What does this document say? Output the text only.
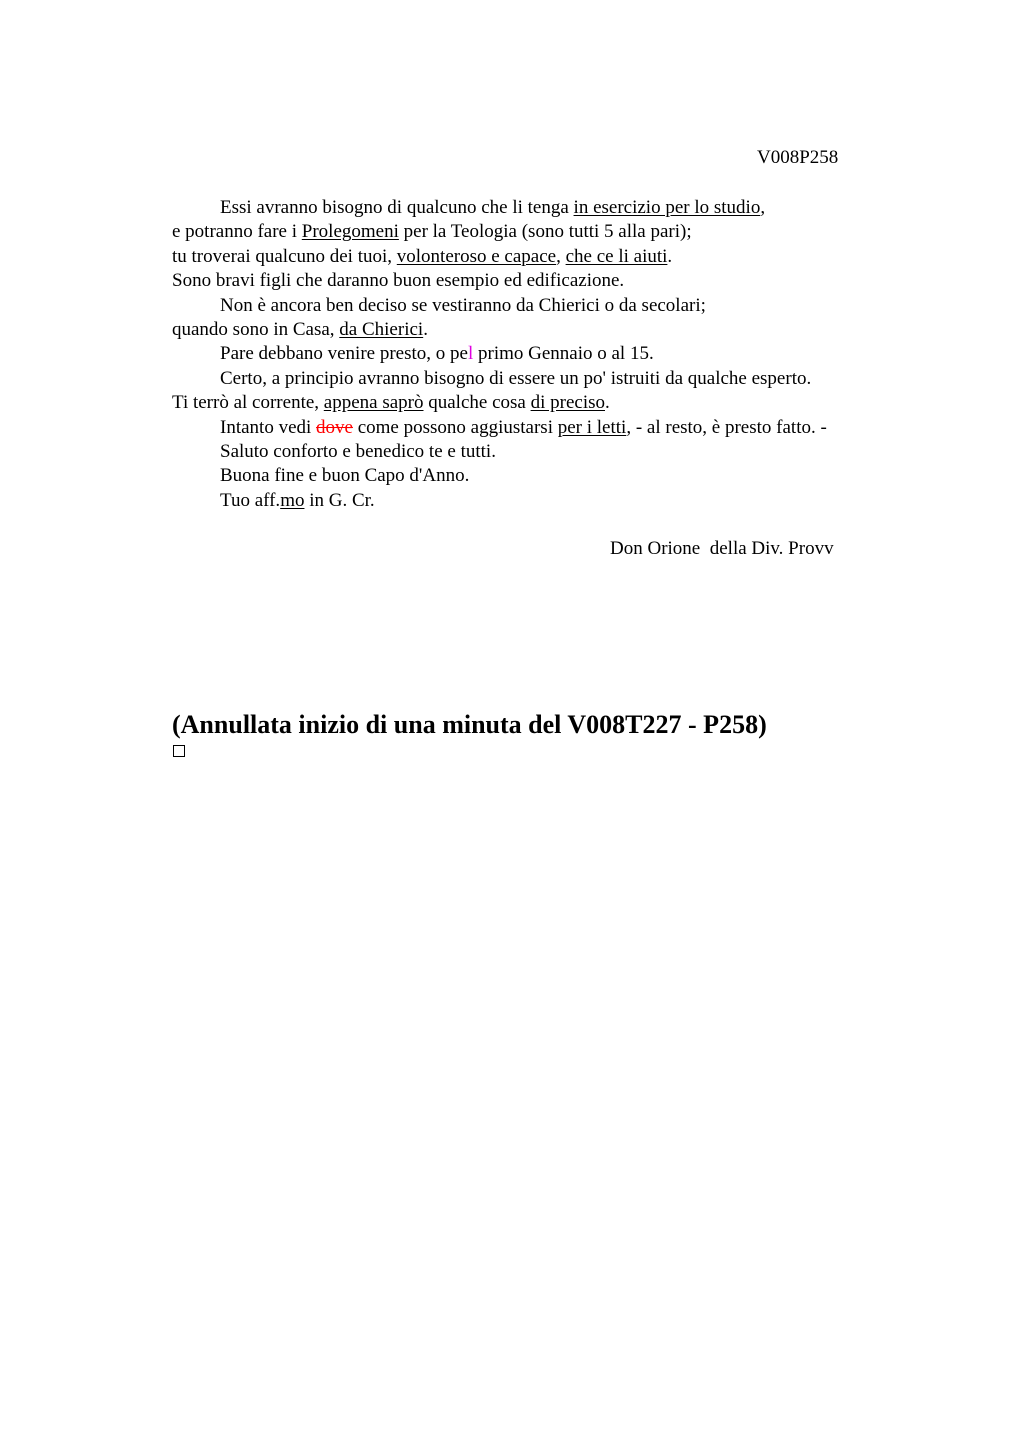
V008P258
Essi avranno bisogno di qualcuno che li tenga in esercizio per lo studio,
e potranno fare i Prolegomeni per la Teologia (sono tutti 5 alla pari);
tu troverai qualcuno dei tuoi, volonteroso e capace, che ce li aiuti.
Sono bravi figli che daranno buon esempio ed edificazione.
Non è ancora ben deciso se vestiranno da Chierici o da secolari;
quando sono in Casa, da Chierici.
Pare debbano venire presto, o pel primo Gennaio o al 15.
Certo, a principio avranno bisogno di essere un po' istruiti da qualche esperto.
Ti terrò al corrente, appena saprò qualche cosa di preciso.
Intanto vedi dove come possono aggiustarsi per i letti, - al resto, è presto fatto. -
Saluto conforto e benedico te e tutti.
Buona fine e buon Capo d'Anno.
Tuo aff.mo in G. Cr.
Don Orione  della Div. Provv
(Annullata inizio di una minuta del V008T227 - P258)
